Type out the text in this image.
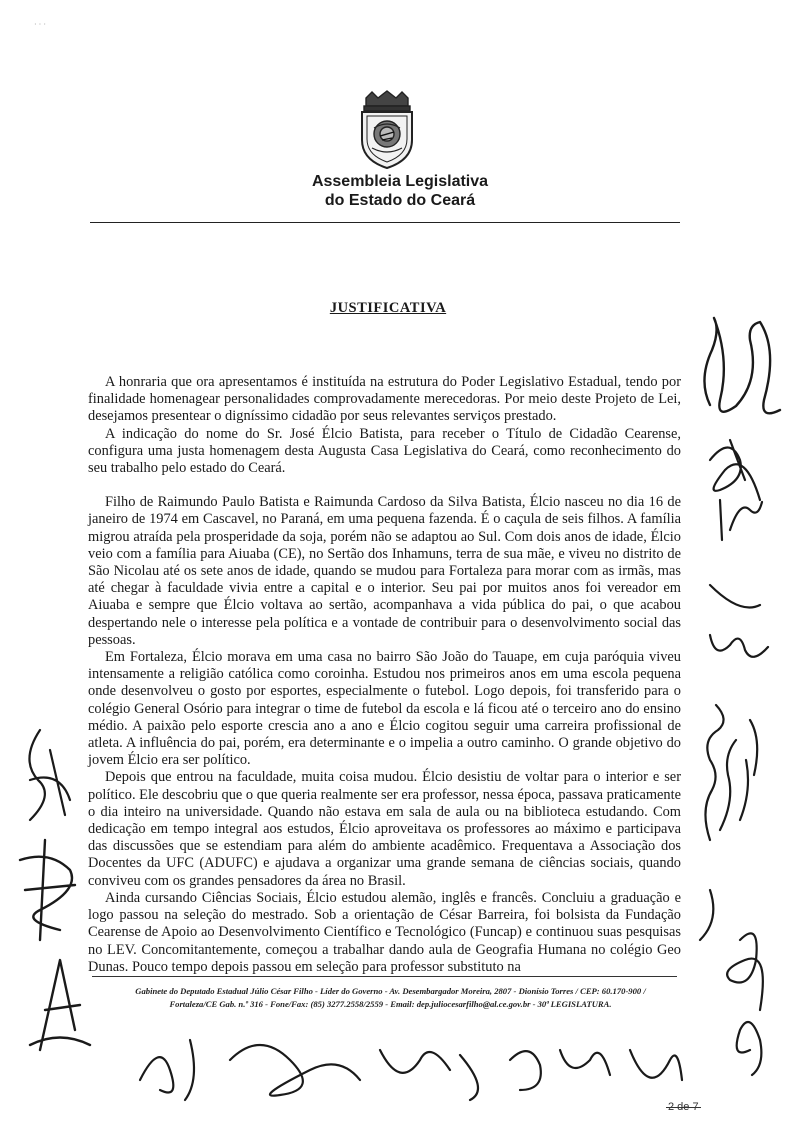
· · ·
Assembleia Legislativa
do Estado do Ceará
JUSTIFICATIVA

A honraria que ora apresentamos é instituída na estrutura do Poder Legislativo Estadual, tendo por finalidade homenagear personalidades comprovadamente merecedoras. Por meio deste Projeto de Lei, desejamos presentear o digníssimo cidadão por seus relevantes serviços prestado.

A indicação do nome do Sr. José Élcio Batista, para receber o Título de Cidadão Cearense, configura uma justa homenagem desta Augusta Casa Legislativa do Ceará, como reconhecimento do seu trabalho pelo estado do Ceará.

Filho de Raimundo Paulo Batista e Raimunda Cardoso da Silva Batista, Élcio nasceu no dia 16 de janeiro de 1974 em Cascavel, no Paraná, em uma pequena fazenda. É o caçula de seis filhos. A família migrou atraída pela prosperidade da soja, porém não se adaptou ao Sul. Com dois anos de idade, Élcio veio com a família para Aiuaba (CE), no Sertão dos Inhamuns, terra de sua mãe, e viveu no distrito de São Nicolau até os sete anos de idade, quando se mudou para Fortaleza para morar com as irmãs, mas até chegar à faculdade vivia entre a capital e o interior. Seu pai por muitos anos foi vereador em Aiuaba e sempre que Élcio voltava ao sertão, acompanhava a vida pública do pai, o que acabou despertando nele o interesse pela política e a vontade de contribuir para o desenvolvimento social das pessoas.

Em Fortaleza, Élcio morava em uma casa no bairro São João do Tauape, em cuja paróquia viveu intensamente a religião católica como coroinha. Estudou nos primeiros anos em uma escola pequena onde desenvolveu o gosto por esportes, especialmente o futebol. Logo depois, foi transferido para o colégio General Osório para integrar o time de futebol da escola e lá ficou até o terceiro ano do ensino médio. A paixão pelo esporte crescia ano a ano e Élcio cogitou seguir uma carreira profissional de atleta. A influência do pai, porém, era determinante e o impelia a outro caminho. O grande objetivo do jovem Élcio era ser político.

Depois que entrou na faculdade, muita coisa mudou. Élcio desistiu de voltar para o interior e ser político. Ele descobriu que o que queria realmente ser era professor, nessa época, passava praticamente o dia inteiro na universidade. Quando não estava em sala de aula ou na biblioteca estudando. Com dedicação em tempo integral aos estudos, Élcio aproveitava os professores ao máximo e participava das discussões que se estendiam para além do ambiente acadêmico. Frequentava a Associação dos Docentes da UFC (ADUFC) e ajudava a organizar uma grande semana de ciências sociais, quando conviveu com os grandes pensadores da área no Brasil.

Ainda cursando Ciências Sociais, Élcio estudou alemão, inglês e francês. Concluiu a graduação e logo passou na seleção do mestrado. Sob a orientação de César Barreira, foi bolsista da Fundação Cearense de Apoio ao Desenvolvimento Científico e Tecnológico (Funcap) e continuou suas pesquisas no LEV. Concomitantemente, começou a trabalhar dando aula de Geografia Humana no colégio Geo Dunas. Pouco tempo depois passou em seleção para professor substituto na

Gabinete do Deputado Estadual Júlio César Filho - Líder do Governo - Av. Desembargador Moreira, 2807 - Dionísio Torres / CEP: 60.170-900 /
Fortaleza/CE Gab. n.º 316 - Fone/Fax: (85) 3277.2558/2559 - Email: dep.juliocesarfilho@al.ce.gov.br - 30ª LEGISLATURA.
2 de 7
